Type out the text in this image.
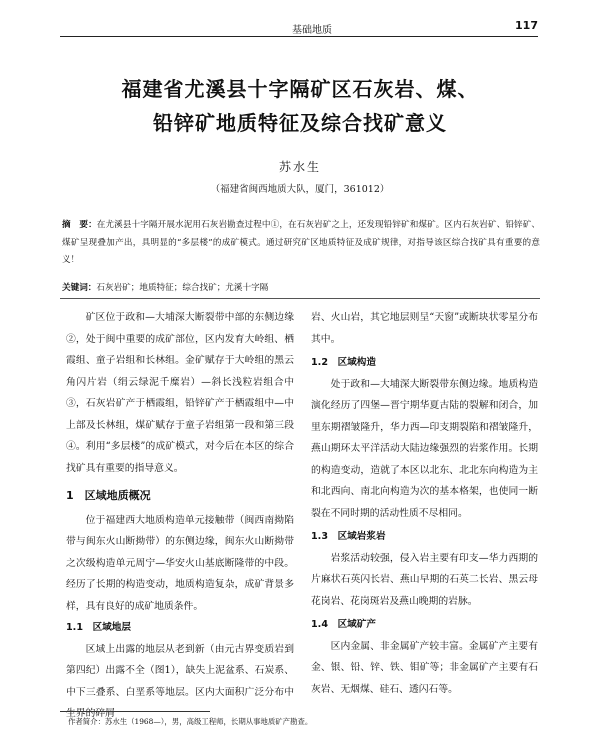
基础地质	117
福建省尤溪县十字隔矿区石灰岩、煤、
铅锌矿地质特征及综合找矿意义
苏水生
（福建省闽西地质大队，厦门，361012）
摘　要：在尤溪县十字隔开展水泥用石灰岩勘查过程中①，在石灰岩矿之上，还发现铅锌矿和煤矿。区内石灰岩矿、铅锌矿、煤矿呈现叠加产出，具明显的“多层楼”的成矿模式。通过研究矿区地质特征及成矿规律，对指导该区综合找矿具有重要的意义！
关键词：石灰岩矿；地质特征；综合找矿；尤溪十字隔

矿区位于政和—大埔深大断裂带中部的东侧边缘②，处于闽中重要的成矿部位，区内发育大岭组、栖霞组、童子岩组和长林组。金矿赋存于大岭组的黑云角闪片岩（绢云绿泥千糜岩）—斜长浅粒岩组合中③，石灰岩矿产于栖霞组，铅锌矿产于栖霞组中—中上部及长林组，煤矿赋存于童子岩组第一段和第三段④。利用“多层楼”的成矿模式，对今后在本区的综合找矿具有重要的指导意义。

1　区域地质概况

位于福建西大地质构造单元接触带（闽西南拗陷带与闽东火山断拗带）的东侧边缘，闽东火山断拗带之次级构造单元周宁—华安火山基底断隆带的中段。经历了长期的构造变动，地质构造复杂，成矿背景多样，具有良好的成矿地质条件。

1.1　区域地层

区域上出露的地层从老到新（由元古界变质岩到第四纪）出露不全（图1），缺失上泥盆系、石炭系、中下三叠系、白垩系等地层。区内大面积广泛分布中生界的碎屑

岩、火山岩，其它地层则呈“天窗”或断块状零星分布其中。

1.2　区域构造

处于政和—大埔深大断裂带东侧边缘。地质构造演化经历了四堡—晋宁期华夏古陆的裂解和闭合，加里东期褶皱隆升，华力西—印支期裂陷和褶皱隆升，燕山期环太平洋活动大陆边缘强烈的岩浆作用。长期的构造变动，造就了本区以北东、北北东向构造为主和北西向、南北向构造为次的基本格架，也使同一断裂在不同时期的活动性质不尽相同。

1.3　区域岩浆岩

岩浆活动较强，侵入岩主要有印支—华力西期的片麻状石英闪长岩、燕山早期的石英二长岩、黑云母花岗岩、花岗斑岩及燕山晚期的岩脉。

1.4　区域矿产

区内金属、非金属矿产较丰富。金属矿产主要有金、银、铅、锌、铁、钼矿等；非金属矿产主要有石灰岩、无烟煤、硅石、透闪石等。

作者简介：苏水生（1968—），男，高级工程师，长期从事地质矿产勘查。
